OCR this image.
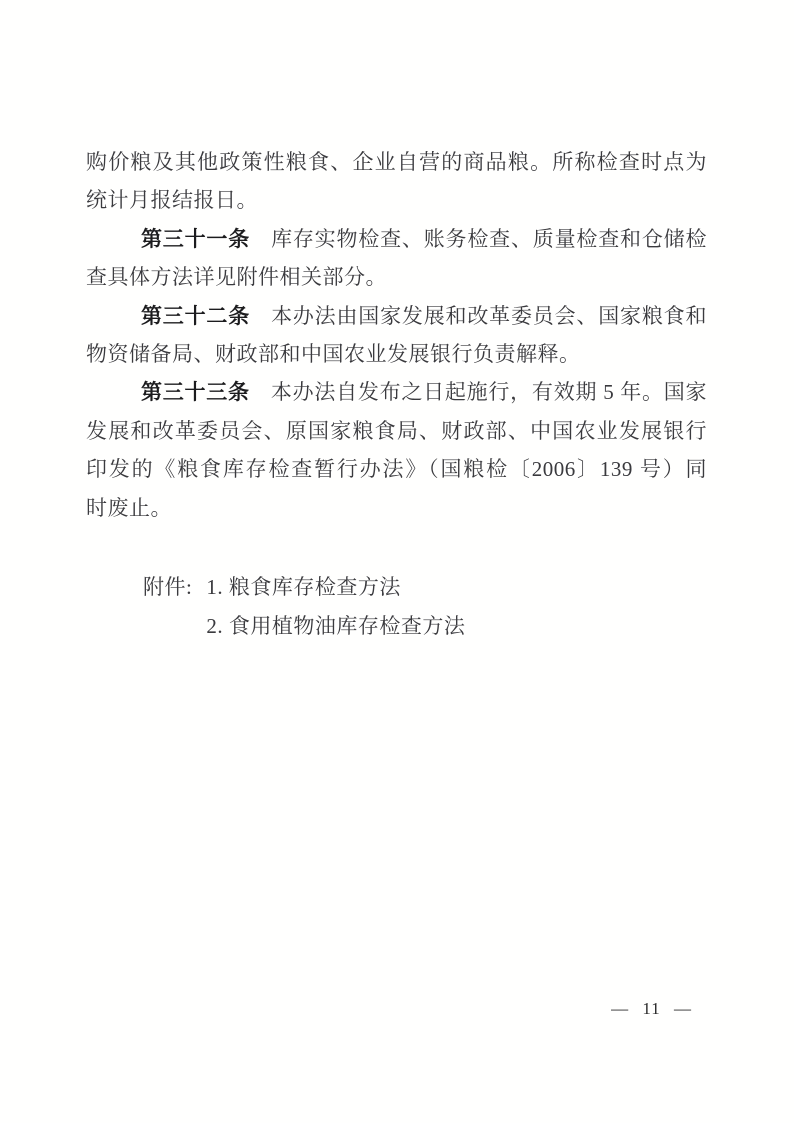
购价粮及其他政策性粮食、企业自营的商品粮。所称检查时点为
统计月报结报日。
第三十一条 库存实物检查、账务检查、质量检查和仓储检
查具体方法详见附件相关部分。
第三十二条 本办法由国家发展和改革委员会、国家粮食和
物资储备局、财政部和中国农业发展银行负责解释。
第三十三条 本办法自发布之日起施行，有效期 5 年。国家
发展和改革委员会、原国家粮食局、财政部、中国农业发展银行
印发的《粮食库存检查暂行办法》（国粮检〔2006〕139 号）同
时废止。
附件: 1. 粮食库存检查方法
2. 食用植物油库存检查方法
— 11 —
